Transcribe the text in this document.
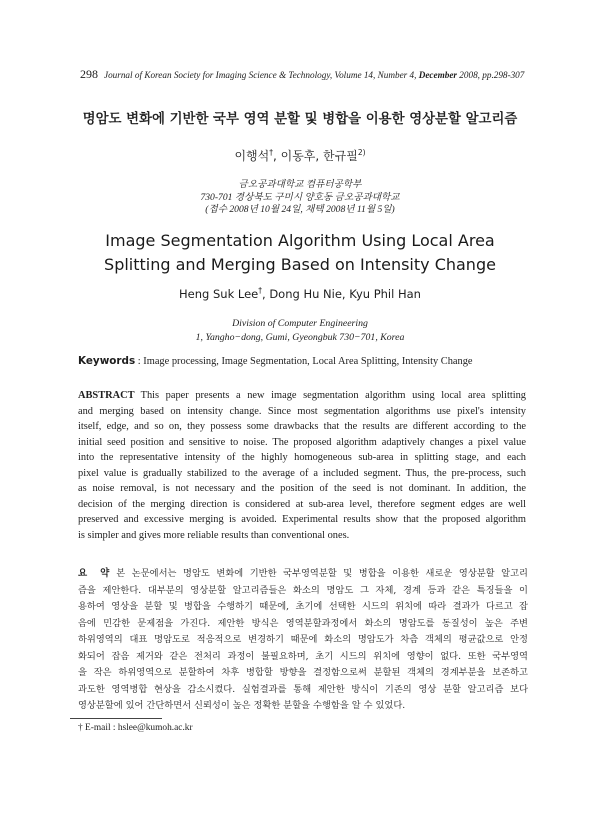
298 Journal of Korean Society for Imaging Science & Technology, Volume 14, Number 4, December 2008, pp.298-307
명암도 변화에 기반한 국부 영역 분할 및 병합을 이용한 영상분할 알고리즘
이행석†, 이동후, 한규필$^{2)}$
금오공과대학교 컴퓨터공학부
730-701 경상북도 구미시 양호동 금오공과대학교
(접수 2008년 10월 24일, 채택 2008년 11월 5일)
Image Segmentation Algorithm Using Local Area
Splitting and Merging Based on Intensity Change
Heng Suk Lee†, Dong Hu Nie, Kyu Phil Han
Division of Computer Engineering
1, Yangho−dong, Gumi, Gyeongbuk 730−701, Korea
Keywords : Image processing, Image Segmentation, Local Area Splitting, Intensity Change
ABSTRACT This paper presents a new image segmentation algorithm using local area splitting
and merging based on intensity change. Since most segmentation algorithms use pixel's intensity
itself, edge, and so on, they possess some drawbacks that the results are different according to the
initial seed position and sensitive to noise. The proposed algorithm adaptively changes a pixel value
into the representative intensity of the highly homogeneous sub-area in splitting stage, and each
pixel value is gradually stabilized to the average of a included segment. Thus, the pre-process, such
as noise removal, is not necessary and the position of the seed is not dominant. In addition, the
decision of the merging direction is considered at sub-area level, therefore segment edges are well
preserved and excessive merging is avoided. Experimental results show that the proposed algorithm
is simpler and gives more reliable results than conventional ones.
요 약 본 논문에서는 명암도 변화에 기반한 국부영역분할 및 병합을 이용한 새로운 영상분할 알고리
즘을 제안한다. 대부분의 영상분할 알고리즘들은 화소의 명암도 그 자체, 경계 등과 같은 특징들을 이
용하여 영상을 분할 및 병합을 수행하기 때문에, 초기에 선택한 시드의 위치에 따라 결과가 다르고 잡
음에 민감한 문제점을 가진다. 제안한 방식은 영역분할과정에서 화소의 명암도를 동질성이 높은 주변
하위영역의 대표 명암도로 적응적으로 변경하기 때문에 화소의 명암도가 차츰 객체의 평균값으로 안정
화되어 잡음 제거와 같은 전처리 과정이 불필요하며, 초기 시드의 위치에 영향이 없다. 또한 국부영역
을 작은 하위영역으로 분할하여 차후 병합할 방향을 결정함으로써 분할된 객체의 경계부분을 보존하고
과도한 영역병합 현상을 감소시켰다. 실험결과를 통해 제안한 방식이 기존의 영상 분할 알고리즘 보다
영상분할에 있어 간단하면서 신뢰성이 높은 정확한 분할을 수행함을 알 수 있었다.
† E-mail : hslee@kumoh.ac.kr
